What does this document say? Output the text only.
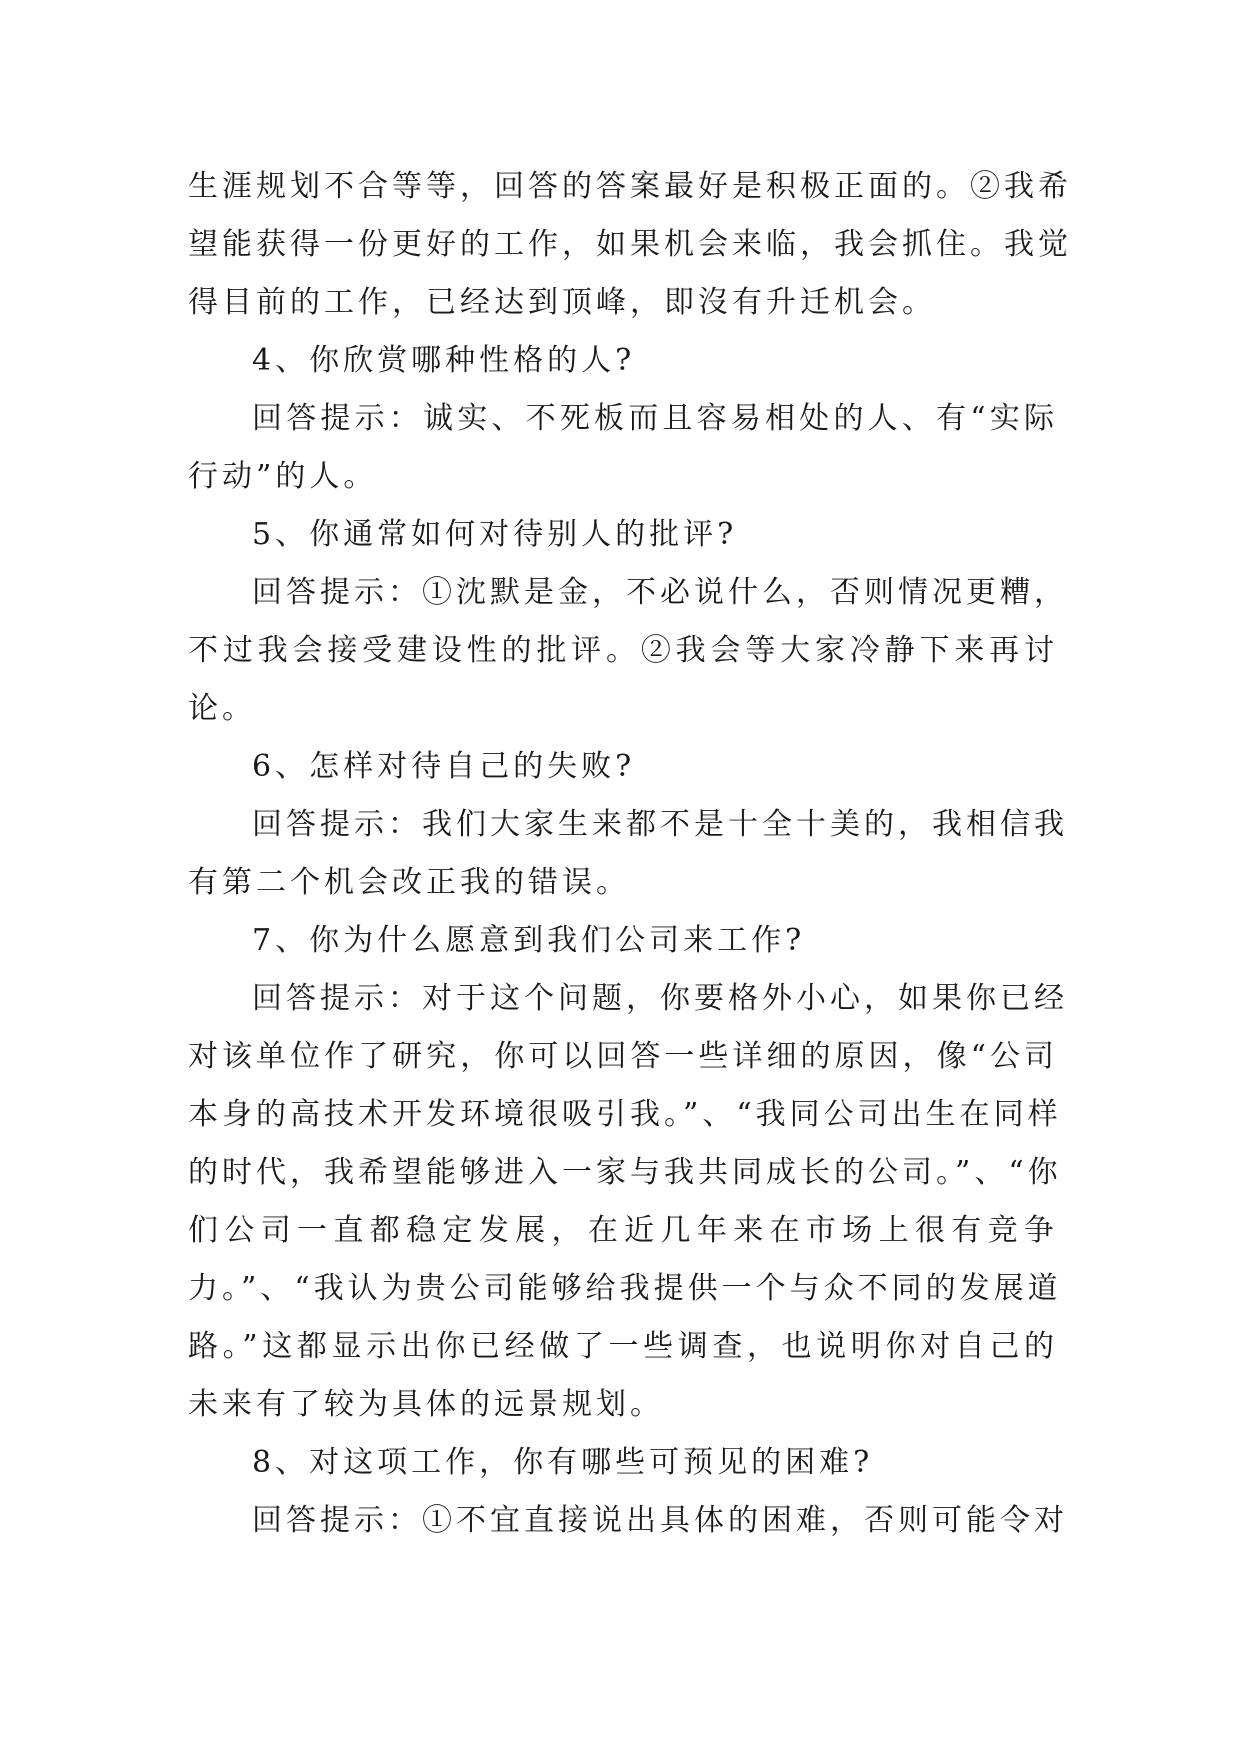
生涯规划不合等等，回答的答案最好是积极正面的。②我希
望能获得一份更好的工作，如果机会来临，我会抓住。我觉
得目前的工作，已经达到顶峰，即沒有升迁机会。
4、你欣赏哪种性格的人?
回答提示：诚实、不死板而且容易相处的人、有“实际
行动”的人。
5、你通常如何对待别人的批评?
回答提示：①沈默是金，不必说什么，否则情况更糟，
不过我会接受建设性的批评。②我会等大家冷静下来再讨
论。
6、怎样对待自己的失败?
回答提示：我们大家生来都不是十全十美的，我相信我
有第二个机会改正我的错误。
7、你为什么愿意到我们公司来工作?
回答提示：对于这个问题，你要格外小心，如果你已经
对该单位作了研究，你可以回答一些详细的原因，像“公司
本身的高技术开发环境很吸引我。”、“我同公司出生在同样
的时代，我希望能够进入一家与我共同成长的公司。”、“你
们公司一直都稳定发展，在近几年来在市场上很有竞争
力。”、“我认为贵公司能够给我提供一个与众不同的发展道
路。”这都显示出你已经做了一些调查，也说明你对自己的
未来有了较为具体的远景规划。
8、对这项工作，你有哪些可预见的困难?
回答提示：①不宜直接说出具体的困难，否则可能令对
